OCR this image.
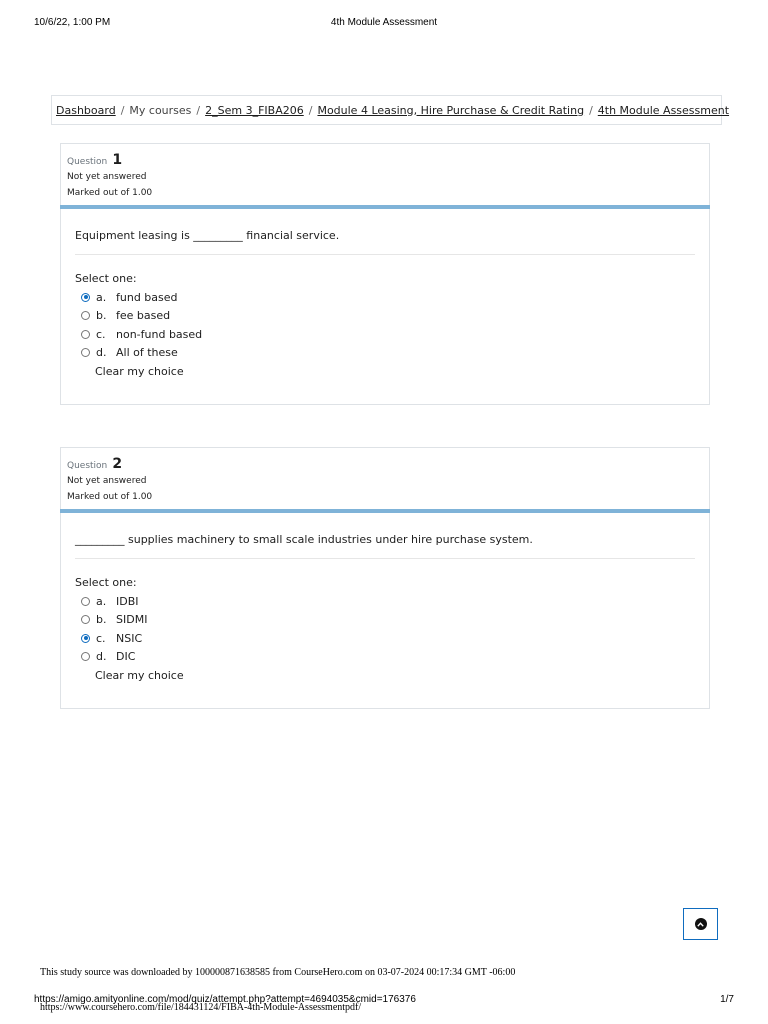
10/6/22, 1:00 PM	4th Module Assessment
Dashboard / My courses / 2_Sem 3_FIBA206 / Module 4 Leasing, Hire Purchase & Credit Rating / 4th Module Assessment
Question 1
Not yet answered
Marked out of 1.00
Equipment leasing is _________ financial service.
Select one:
a. fund based
b. fee based
c. non-fund based
d. All of these
Clear my choice
Question 2
Not yet answered
Marked out of 1.00
_________ supplies machinery to small scale industries under hire purchase system.
Select one:
a. IDBI
b. SIDMI
c. NSIC
d. DIC
Clear my choice
This study source was downloaded by 100000871638585 from CourseHero.com on 03-07-2024 00:17:34 GMT -06:00
https://amigo.amityonline.com/mod/quiz/attempt.php?attempt=4694035&cmid=176376	1/7
https://www.coursehero.com/file/184431124/FIBA-4th-Module-Assessmentpdf/
